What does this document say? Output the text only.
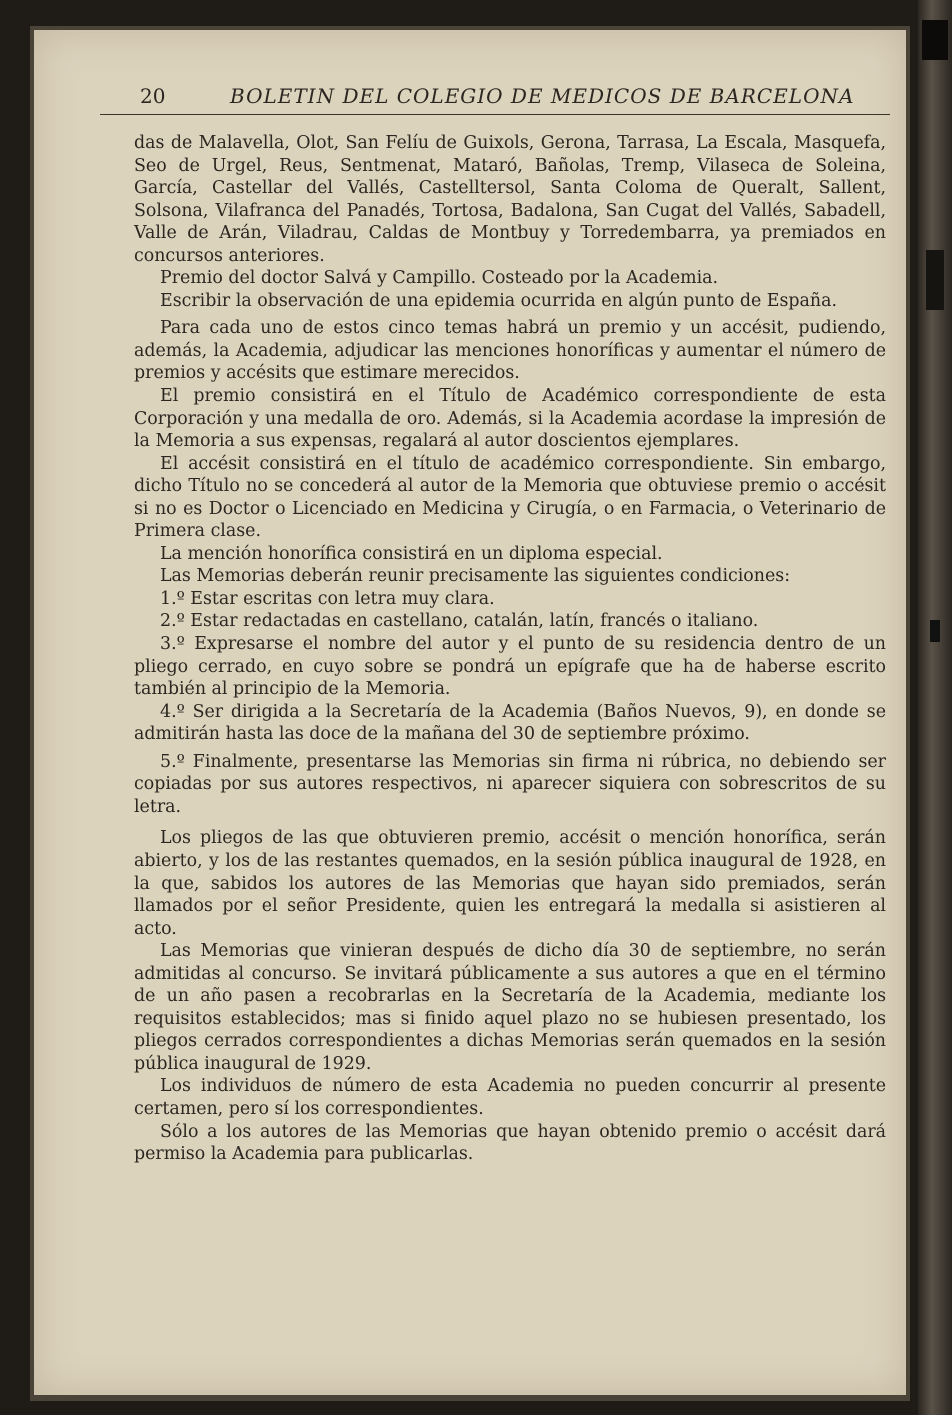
20	BOLETIN DEL COLEGIO DE MEDICOS DE BARCELONA

das de Malavella, Olot, San Felíu de Guixols, Gerona, Tarrasa, La Escala, Masquefa, Seo de Urgel, Reus, Sentmenat, Mataró, Bañolas, Tremp, Vilaseca de Soleina, García, Castellar del Vallés, Castelltersol, Santa Coloma de Queralt, Sallent, Solsona, Vilafranca del Panadés, Tortosa, Badalona, San Cugat del Vallés, Sabadell, Valle de Arán, Viladrau, Caldas de Montbuy y Torredembarra, ya premiados en concursos anteriores.

Premio del doctor Salvá y Campillo. Costeado por la Academia.

Escribir la observación de una epidemia ocurrida en algún punto de España.

Para cada uno de estos cinco temas habrá un premio y un accésit, pudiendo, además, la Academia, adjudicar las menciones honoríficas y aumentar el número de premios y accésits que estimare merecidos.

El premio consistirá en el Título de Académico correspondiente de esta Corporación y una medalla de oro. Además, si la Academia acordase la impresión de la Memoria a sus expensas, regalará al autor doscientos ejemplares.

El accésit consistirá en el título de académico correspondiente. Sin embargo, dicho Título no se concederá al autor de la Memoria que obtuviese premio o accésit si no es Doctor o Licenciado en Medicina y Cirugía, o en Farmacia, o Veterinario de Primera clase.

La mención honorífica consistirá en un diploma especial.

Las Memorias deberán reunir precisamente las siguientes condiciones:

1.º Estar escritas con letra muy clara.

2.º Estar redactadas en castellano, catalán, latín, francés o italiano.

3.º Expresarse el nombre del autor y el punto de su residencia dentro de un pliego cerrado, en cuyo sobre se pondrá un epígrafe que ha de haberse escrito también al principio de la Memoria.

4.º Ser dirigida a la Secretaría de la Academia (Baños Nuevos, 9), en donde se admitirán hasta las doce de la mañana del 30 de septiembre próximo.

5.º Finalmente, presentarse las Memorias sin firma ni rúbrica, no debiendo ser copiadas por sus autores respectivos, ni aparecer siquiera con sobrescritos de su letra.

Los pliegos de las que obtuvieren premio, accésit o mención honorífica, serán abierto, y los de las restantes quemados, en la sesión pública inaugural de 1928, en la que, sabidos los autores de las Memorias que hayan sido premiados, serán llamados por el señor Presidente, quien les entregará la medalla si asistieren al acto.

Las Memorias que vinieran después de dicho día 30 de septiembre, no serán admitidas al concurso. Se invitará públicamente a sus autores a que en el término de un año pasen a recobrarlas en la Secretaría de la Academia, mediante los requisitos establecidos; mas si finido aquel plazo no se hubiesen presentado, los pliegos cerrados correspondientes a dichas Memorias serán quemados en la sesión pública inaugural de 1929.

Los individuos de número de esta Academia no pueden concurrir al presente certamen, pero sí los correspondientes.

Sólo a los autores de las Memorias que hayan obtenido premio o accésit dará permiso la Academia para publicarlas.
